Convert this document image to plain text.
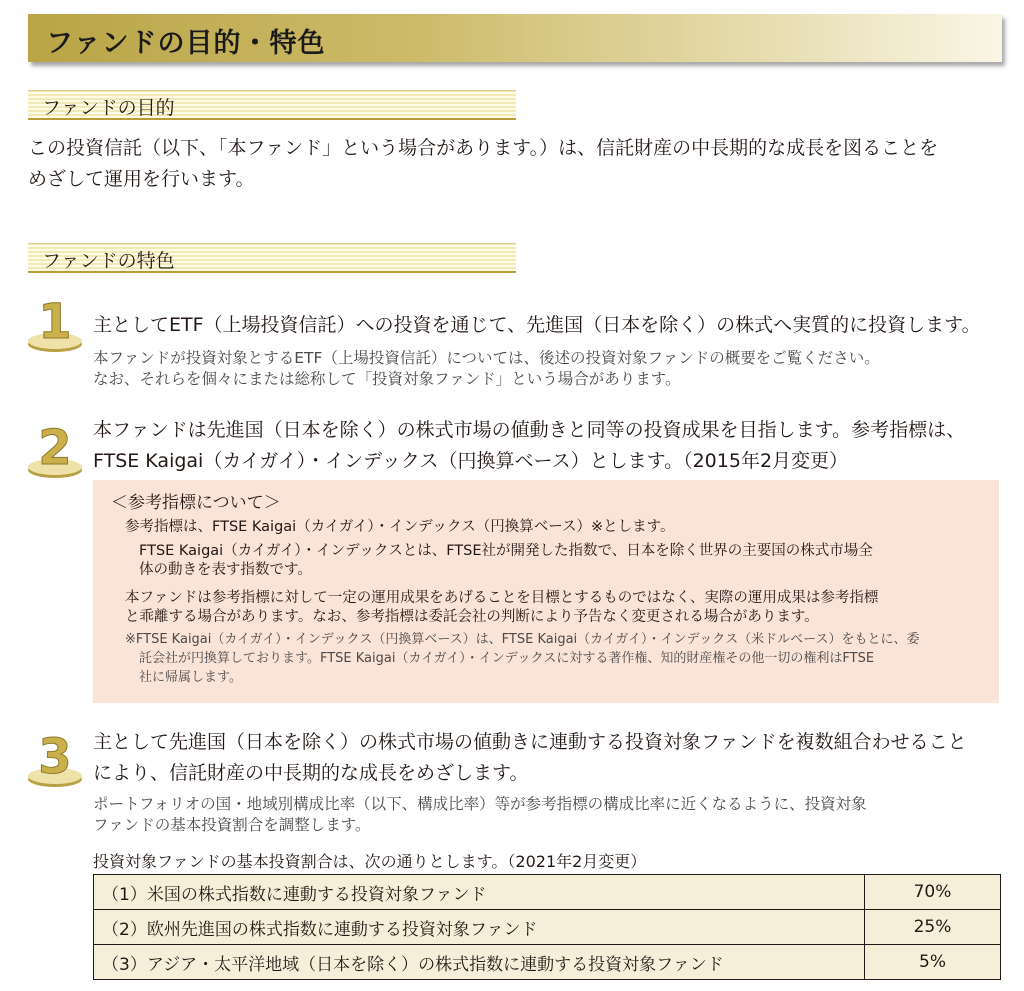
ファンドの目的・特色
ファンドの目的
この投資信託（以下、「本ファンド」という場合があります。）は、信託財産の中長期的な成長を図ることを
めざして運用を行います。
ファンドの特色
1 主としてETF（上場投資信託）への投資を通じて、先進国（日本を除く）の株式へ実質的に投資します。
本ファンドが投資対象とするETF（上場投資信託）については、後述の投資対象ファンドの概要をご覧ください。
なお、それらを個々にまたは総称して「投資対象ファンド」という場合があります。
2 本ファンドは先進国（日本を除く）の株式市場の値動きと同等の投資成果を目指します。参考指標は、
FTSE Kaigai（カイガイ）・インデックス（円換算ベース）とします。（2015年2月変更）
＜参考指標について＞
参考指標は、FTSE Kaigai（カイガイ）・インデックス（円換算ベース）※とします。
FTSE Kaigai（カイガイ）・インデックスとは、FTSE社が開発した指数で、日本を除く世界の主要国の株式市場全
体の動きを表す指数です。
本ファンドは参考指標に対して一定の運用成果をあげることを目標とするものではなく、実際の運用成果は参考指標
と乖離する場合があります。なお、参考指標は委託会社の判断により予告なく変更される場合があります。
※FTSE Kaigai（カイガイ）・インデックス（円換算ベース）は、FTSE Kaigai（カイガイ）・インデックス（米ドルベース）をもとに、委
託会社が円換算しております。FTSE Kaigai（カイガイ）・インデックスに対する著作権、知的財産権その他一切の権利はFTSE
社に帰属します。
3 主として先進国（日本を除く）の株式市場の値動きに連動する投資対象ファンドを複数組合わせること
により、信託財産の中長期的な成長をめざします。
ポートフォリオの国・地域別構成比率（以下、構成比率）等が参考指標の構成比率に近くなるように、投資対象
ファンドの基本投資割合を調整します。
投資対象ファンドの基本投資割合は、次の通りとします。（2021年2月変更）
（1）米国の株式指数に連動する投資対象ファンド	70%
（2）欧州先進国の株式指数に連動する投資対象ファンド	25%
（3）アジア・太平洋地域（日本を除く）の株式指数に連動する投資対象ファンド	5%
